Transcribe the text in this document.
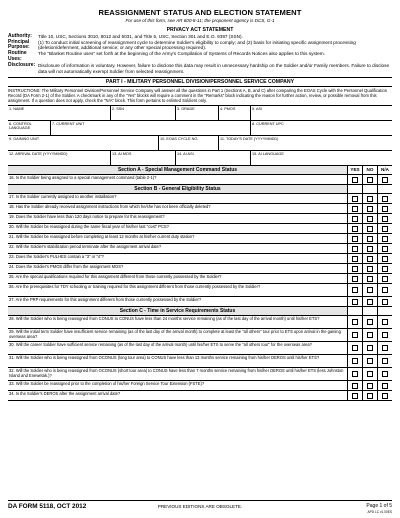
REASSIGNMENT STATUS AND ELECTION STATEMENT
For use of this form, see AR 600-8-11; the proponent agency is DCS, G-1
PRIVACY ACT STATEMENT
Authority:	Title 10, USC, Sections 3010, 8012 and 5031, and Title 5, USC, Section 301 and E.O. 9397 (SSN).
Principal Purpose:
(1) To conduct initial screening of reassignment cycle to determine Soldier's eligibility to comply; and (2) basis for initiating specific assignment processing (deletion/deferment, additional service; or any other special processing required).
Routine Uses:
The "Blanket Routine uses" set forth at the beginning of the Army's Compilation of Systems of Records Notices also applies to this system.
Disclosure: Disclosure of information is voluntary. However, failure to disclose this data may result in unnecessary hardship on the Soldier and/or Family members. Failure to disclose data will not automatically exempt Soldier from selected reassignment.
PART I - MILITARY PERSONNEL DIVISION/PERSONNEL SERVICE COMPANY
INSTRUCTIONS: The Military Personnel Division/Personnel Service Company will answer all the questions in Part 1 (Sections A, B, and C) after comparing the EOAS Cycle with the Personnel Qualification Record (DA Form 2-1) of the Soldier. A checkmark in any of the "Yes" blocks will require a comment in the "Remarks" block indicating the reason for further action, review, or possible removal from this assignment. If a question does not apply, check the "N/A" block. This form pertains to enlisted Soldiers only.
1. NAME	2. SSN	3. GRADE	4. PMOS	5. ASI
6. CONTROL LANGUAGE
7. CURRENT UNIT	8. CURRENT UPC
9. GAINING UNIT	10. EOAS CYCLE NO.	11. TODAY'S DATE (YYYYMMDD)
12. ARRIVAL DATE (YYYYMMDD)	13. AI MOS	14. AI ASI	15. AI LANGUAGE
Section A - Special Management Command Status	YES	NO	N/A
16. Is the Soldier being assigned to a special management command (table 2-1)?
Section B - General Eligibility Status
17. Is the Soldier currently assigned to another installation?
18. Has the Soldier already received assignment instructions from which he/she has not been officially deleted?
19. Does the Soldier have less than 120 days notice to prepare for this reassignment?
20. Will the Soldier be reassigned during the same fiscal year of his/her last "cost" PCS?
21. Will the Soldier be reassigned before completing at least 12 months at his/her current duty station?
22. Will the Soldier's stabilization period terminate after the assignment arrival date?
23. Does the Soldier's PULHES contain a "3" or "4"?
24. Does the Soldier's PMOS differ from the assignment MOS?
25. Are the special qualifications required for this assignment different from those currently possessed by the Soldier?
26. Are the prerequisites for TDY schooling or training required for this assignment different from those currently possessed by the Soldier?
27. Are the PRP requirements for this assignment different from those currently possessed by the Soldier?
Section C - Time in Service Requirements Status
28. Will the Soldier who is being reassigned from CONUS to CONUS have less than 24 months service remaining (as of the last day of the arrival month) until his/her ETS?
29. Will the initial term Soldier have insufficient service remaining (as of the last day of the arrival month) to complete at least the "all others" tour prior to ETS upon arrival in the gaining overseas area?
30. Will the career Soldier have sufficient service remaining (as of the last day of the arrival month) until his/her ETS to serve the "all others tour" for the overseas area?
31. Will the Soldier who is being reassigned from OCONUS (long tour area) to CONUS have less than 13 months service remaining from his/her DEROS until his/her ETS?
32. Will the Soldier who is being reassigned from OCONUS (short tour area) to CONUS have less than 7 months service remaining from his/her DEROS until his/her ETS (less Johnston Island and Enewetak.)?
33. Will the Soldier be reassigned prior to the completion of his/her Foreign Service Tour Extension (FSTE)?
34. Is the Soldier's DEROS after the assignment arrival date?
DA FORM 5118, OCT 2012	PREVIOUS EDITIONS ARE OBSOLETE.	Page 1 of 5
APD LC v1.00ES
